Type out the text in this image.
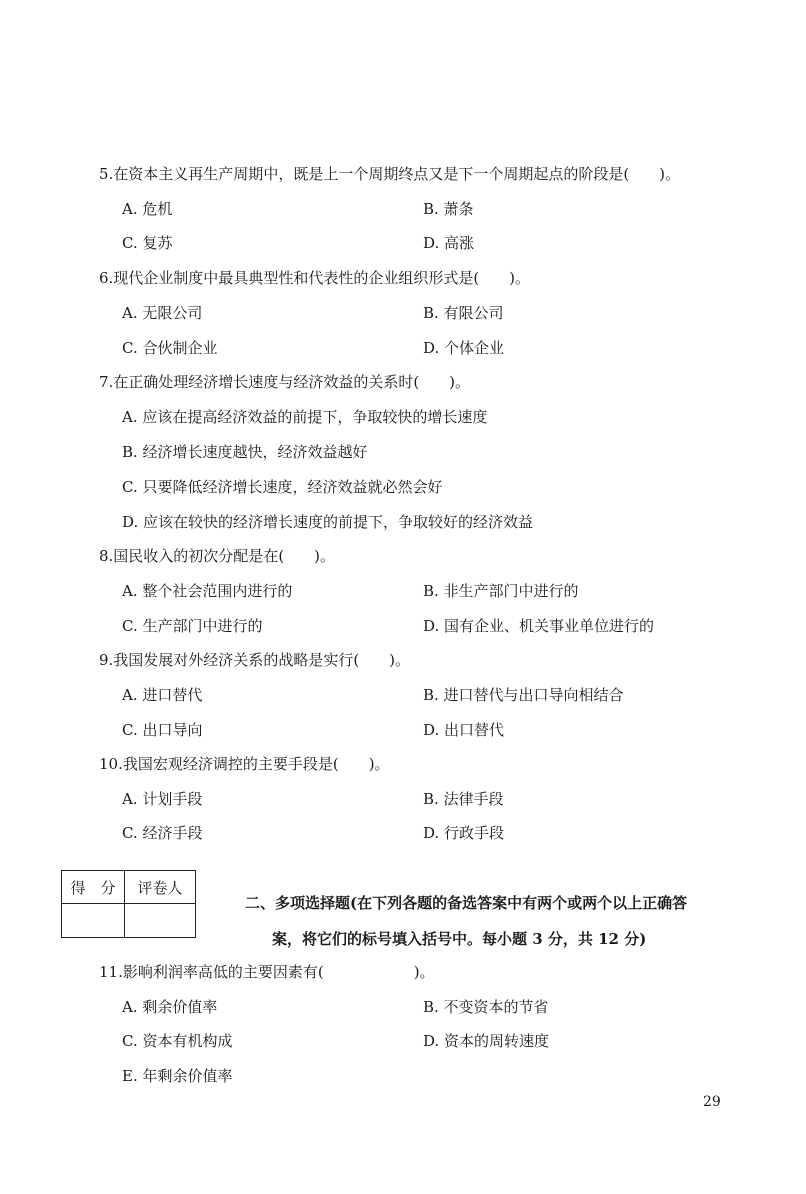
5.在资本主义再生产周期中，既是上一个周期终点又是下一个周期起点的阶段是(　　)。
A. 危机	B. 萧条
C. 复苏	D. 高涨
6.现代企业制度中最具典型性和代表性的企业组织形式是(　　)。
A. 无限公司	B. 有限公司
C. 合伙制企业	D. 个体企业
7.在正确处理经济增长速度与经济效益的关系时(　　)。
A. 应该在提高经济效益的前提下，争取较快的增长速度
B. 经济增长速度越快，经济效益越好
C. 只要降低经济增长速度，经济效益就必然会好
D. 应该在较快的经济增长速度的前提下，争取较好的经济效益
8.国民收入的初次分配是在(　　)。
A. 整个社会范围内进行的	B. 非生产部门中进行的
C. 生产部门中进行的	D. 国有企业、机关事业单位进行的
9.我国发展对外经济关系的战略是实行(　　)。
A. 进口替代	B. 进口替代与出口导向相结合
C. 出口导向	D. 出口替代
10.我国宏观经济调控的主要手段是(　　)。
A. 计划手段	B. 法律手段
C. 经济手段	D. 行政手段
得　分	评卷人

二、多项选择题(在下列各题的备选答案中有两个或两个以上正确答
案，将它们的标号填入括号中。每小题 3 分，共 12 分)
11.影响利润率高低的主要因素有(　　　　　　)。
A. 剩余价值率	B. 不变资本的节省
C. 资本有机构成	D. 资本的周转速度
E. 年剩余价值率
29
